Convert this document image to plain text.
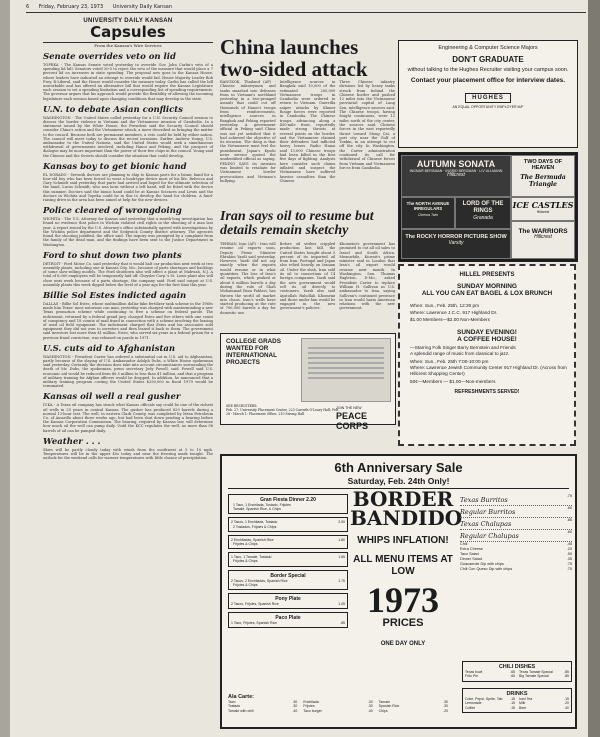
6 Friday, February 23, 1973 University Daily Kansan
UNIVERSITY DAILY KANSAN
Capsules
From the Kansan's Wire Services
Senate overrides veto on lid

TOPEKA - The Kansas Senate voted yesterday to override Gov. John Carlin's veto of a spending lid bill. Senators voted 30-5 to reject the veto of the measure that would place a 7 percent lid on increases in state spending. The proposal now goes to the Kansas House, where leaders have indicated an attempt to override would fail. House Majority Leader Bob Frey, R-Liberal, said the House would consider the measure today. Carlin has called the bill unworkable and has offered an alternative bill that would require the Kansas Legislature each session to set a spending limitation and a corresponding list of spending requirements. The governor argues that his approach would provide the flexibility of allowing the incoming legislature each session based upon changing conditions that may develop in the state.

U.N. to debate Asian conflicts

WASHINGTON - The United States called yesterday for a U.N. Security Council session to discuss the border violence in Vietnam and the Vietnamese invasion of Cambodia. In a statement issued by the White House, the President said the Security Council should consider China's action and the Vietnamese attack, a move described as bringing the matter to the council. Because both are permanent members, a veto could be held by either nation. The council will meet today to discuss the recent invasions. Earlier, Andrew Young, U.S. ambassador to the United Nations, said the United States would seek a simultaneous withdrawal of governments involved, including Hanoi and Peking, and the prospect of dialogue may be more important than the power of their few chips in the council. Young said the Chinese and the Soviets should consider the situation that could develop.

Kansas boy to get bionic hand

EL DORADO - Seventh doctors are planning to ship to Kansas parts for a bionic hand for a four-old boy who has been forced to wear a hook-type device most of his life. Rebecca and Gary Schmidt said yesterday that parts had arrived and hoped for the ultimate selection of the hand. Lucas Schmidt, who was born without a left hand, will be fitted with the device this summer. Doctors said the bionic hand could be at Kansas Sciences and Lewis and the doctors in Wichita and Topeka could be in this to develop the hand for children. A fund-raising drive in the area has been aimed at help for the new devices.

Police cleared of wrongdoing

WICHITA - The U.S. Attorney for Kansas said yesterday that a month-long investigation has found no evidence that police in Wichita violated civil rights in the shooting of a man last year. A report issued by the U.S. Attorney's office substantially agreed with investigations by the Wichita police department and the Sedgwick County district attorney. The agencies found the shooting justified, the office said. The inquiry was prompted by a complaint from the family of the dead man, and the findings have been sent to the Justice Department in Washington.

Ford to shut down two plants

DETROIT - Ford Motor Co. said yesterday that it would halt car production next week at two assembly plants, including one in Kansas City, Mo., because of parts shortages and backlogs of some slow-selling models. The Ford shutdown also will affect a plant at Mahwah, N.J. A total of 6,000 employees will be temporarily laid off. Chrysler Corp.'s St. Louis plant also will close next week because of a parts shortage, the company said. Ford said output at U.S. assembly plants this week dipped below the level of a year ago for the first time this year.

Billie Sol Estes indicted again

DALLAS - Billie Sol Estes, whose multimillion dollar fake fertilizer tank scheme in the 1960s made him Texas' most notorious con man, yesterday was charged with masterminding a new Texas promotion scheme while continuing to free a scheme on federal parole. The indictment, returned by a federal grand jury, charged Estes and five others with one count of conspiracy and 18 counts of mail fraud in connection with a scheme involving the leasing of used oil field equipment. The indictment charged that Estes and his associates sold equipment they did not own to investors and then leased it back to them. The government said investors lost more than $1 million. Estes, who served six years in a federal prison for a previous fraud conviction, was released on parole in 1971.

U.S. cuts aid to Afghanistan

WASHINGTON - President Carter has ordered a substantial cut in U.S. aid to Afghanistan, partly because of the slaying of U.S. Ambassador Adolph Dubs, a White House spokesman said yesterday. Certainly the decision does take into account circumstances surrounding the death of Mr. Dubs, the spokesman, press secretary Jody Powell, said. Powell said U.S. economic aid would be reduced from $6.5 million to less than $1 million, and that a program of military training for Afghan officers would be dropped. In addition, he announced that a military training program costing the United States $250,000 in fiscal 1979 would be terminated.

Kansas oil well a real gusher

IUKA - A Texas oil company has struck what Kansas officials say could be one of the richest oil wells in 25 years in central Kansas. The gusher has produced 829 barrels during a normal 12-hour test. The well, in eastern Clark County, was completed by Mesa Petroleum Co. of Amarillo about three weeks ago, but had been shut down pending a hearing before the Kansas Corporation Commission. The hearing, required by Kansas law, will determine how much oil the well can pump daily. Until the KCC regulates the well, no more than 98 barrels of oil can be pumped daily.

Weather . . .

Skies will be partly cloudy today with winds from the southwest at 5 to 10 mph. Temperatures will be in the upper 40s today and near the freezing mark tonight. The outlook for the weekend calls for warmer temperatures with little chance of precipitation.

China launches two-sided attack
BANGKOK, Thailand (AP) - Chinese infantrymen and tanks smashed into defenses from in Vietnam's northland yesterday in a two-pronged assault that could cut off thousands of Hanoi's troops from reinforcements, intelligence sources in Bangkok and Peking reported yesterday. A government official in Peking said China was not yet satisfied that it had achieved the objective of its invasion. The thing is that the Vietnamese must feel the punishment, Japan's Kyodo news service quoted the unidentified official as saying. PEKING SAYS its invasion was limited to retaliate for Vietnamese border provocations and Vietnam's bullying.
Intelligence sources in Bangkok said 10,000 of the estimated 200,000 Vietnamese troops in Cambodia were ordered to return to Vietnam. Guerrilla sniper attacks by Khmer Rouge forces were reported in Cambodia. The Chinese troops, advancing along a 450-mile front, reportedly made strong thrusts at several points on the border, and the Vietnamese claimed their defenders had inflicted heavy losses. Radio Hanoi said 13,000 Chinese troops had been killed in the first five days of fighting. Analysts here consider such claims inflated and suspect the Vietnamese have suffered heavier casualties than the Chinese.
Three Chinese infantry divisions led by heavy tanks struck from behind the Chinese border and pushed 12 miles into the Vietnamese provincial capital of Lang Son, intelligence sources said. The Chinese troops, having fought continuous, were 12 miles north of the city center, the sources said. Chinese forces in the east reportedly thrust toward Mong Cai, a port city near the Gulf of Tonkin, in an attempt to cut off the city. In Washington, the Carter administration continued its call for withdrawal of Chinese forces from Vietnam and Vietnamese forces from Cambodia.
Iran says oil to resume but details remain sketchy
TEHRAN, Iran (AP) - Iran will resume oil exports soon, Deputy Prime Minister Ebrahim Yazdi said yesterday. However, Yazdi did not say exactly when the exports would resume or in what quantities. The loss of Iran's oil exports, which peaked at about 6 million barrels a day during the rule of Shah Mohammad Reza Pahlavi, has thrown the world oil market into chaos. Iran's wells have started producing at the rate of 700,000 barrels a day for domestic use.
Before oil strikes crippled production last fall, the United States bought about 5 percent of its imported oil from Iran. Portugal and Japan also relied heavily on Iranian oil. Under the shah, Iran sold its oil to consortium of 14 foreign companies. Yazdi said the new government would sell its oil directly to customers. Yazdi also said Ayatollah Ruhollah Khomeini and those under him would be engaged in the new government's policies.
Khomeini's government has promised to cut all oil sales to Israel and South Africa. Meanwhile, Kuwait's prime minister said in London that Iran's oil export would resume next month. In Washington, Sen. Thomas Eagleton, D-Mo., asked President Carter to replace William H. Sullivan as U.S. ambassador to Iran, saying Sullivan's continued presence in Iran would harm American relations with the new government.
COLLEGE GRADS WANTED FOR INTERNATIONAL PROJECTS
SEE RECRUITERS:
Feb. 27: University Placement Center, 223 Carruth-O'Leary Hall; Feb. 28 - March 1: Placement Office, 210 Strong Hall
JOIN THE NEW
PEACE CORPS
Engineering & Computer Science Majors
DON'T GRADUATE
without talking to the Hughes Recruiter visiting your campus soon.
Contact your placement office for interview dates.
HUGHES
AN EQUAL OPPORTUNITY EMPLOYER M/F
AUTUMN SONATA
INGMAR BERGMAN · INGRID BERGMAN · LIV ULLMANN
Hillcrest
TWO DAYS OF HEAVEN
The Bermuda Triangle
ICE CASTLES
Hillcrest
The NORTH AVENUE IRREGULARS
Cinema Twin
LORD OF THE RINGS
Granada
The WARRIORS
Hillcrest
The ROCKY HORROR PICTURE SHOW
Varsity
HILLEL PRESENTS
SUNDAY MORNING
ALL YOU CAN EAT BAGEL & LOX BRUNCH
When: Sun., Feb. 25th, 12:30 pm
Where: Lawrence J.C.C. 917 Highland Dr.
$1.00 Members—$2.00 Non-Members
SUNDAY EVENING!
A COFFEE HOUSE!
—Starring Folk Singer Barry Bernstein and Friends
A splendid range of music from classical to jazz.
When: Sun., Feb. 25th 7:00-10:00 pm
Where: Lawrence Jewish Community Center 917 Highland Dr. (Across from Hillcrest Shopping Center)
50¢—Members — $1.00—Non-members
REFRESHMENTS SERVED!
6th Anniversary Sale
Saturday, Feb. 24th Only!
Gran Fiesta Dinner 2.20
1 Taco, 1 Enchilada, Tostado, Frijoles
Tamale, Spanish Rice, & Chips
2 Tacos, 1 Enchilada, Tostado	2.00
2 Tostados, Frijoles & Chips
2 Enchiladas, Spanish Rice	1.80
Frijoles & Chips
1 Taco, 1 Tamale, Tostado	1.65
Frijoles & Chips
Border Special
2 Tacos, 2 Enchiladas, Spanish Rice	1.75
Frijoles & Chips
Pony Plate
2 Tacos, Frijoles, Spanish Rice	1.05
Paco Plate
1 Taco, Frijoles, Spanish Rice	.85
BORDER BANDIDO
WHIPS INFLATION!
ALL MENU ITEMS AT LOW
1973
PRICES
ONE DAY ONLY
Texas Burritos	.75
Regular Burritos	.60
Texas Chalupas	.85
Regular Chalupas	.60
Chili	.45
Extra Cheese	.20
Taco Salad	.50
Dinner Salad	.35
Guacamole Dip with chips	.75
Chili Con Queso Dip with chips	.75
CHILI DISHES
Texas bowl	.65 Texas Tamale Special	.85
Frito Pie	.65 Big Tamale Special	.85
Ala Carte:
Taco	.30 Enchilada	.30 Tamale	.30
Tostado	.30 Frijoles	.30 Spanish Rice	.30
Tamale with chili	.40 Taco burger	.40 Chips	.20
DRINKS
Coke, Pepsi, Sprite, Tab .15 Iced Tea	.15
Lemonade	.15 Milk	.20
Coffee	.15 Beer	.40
